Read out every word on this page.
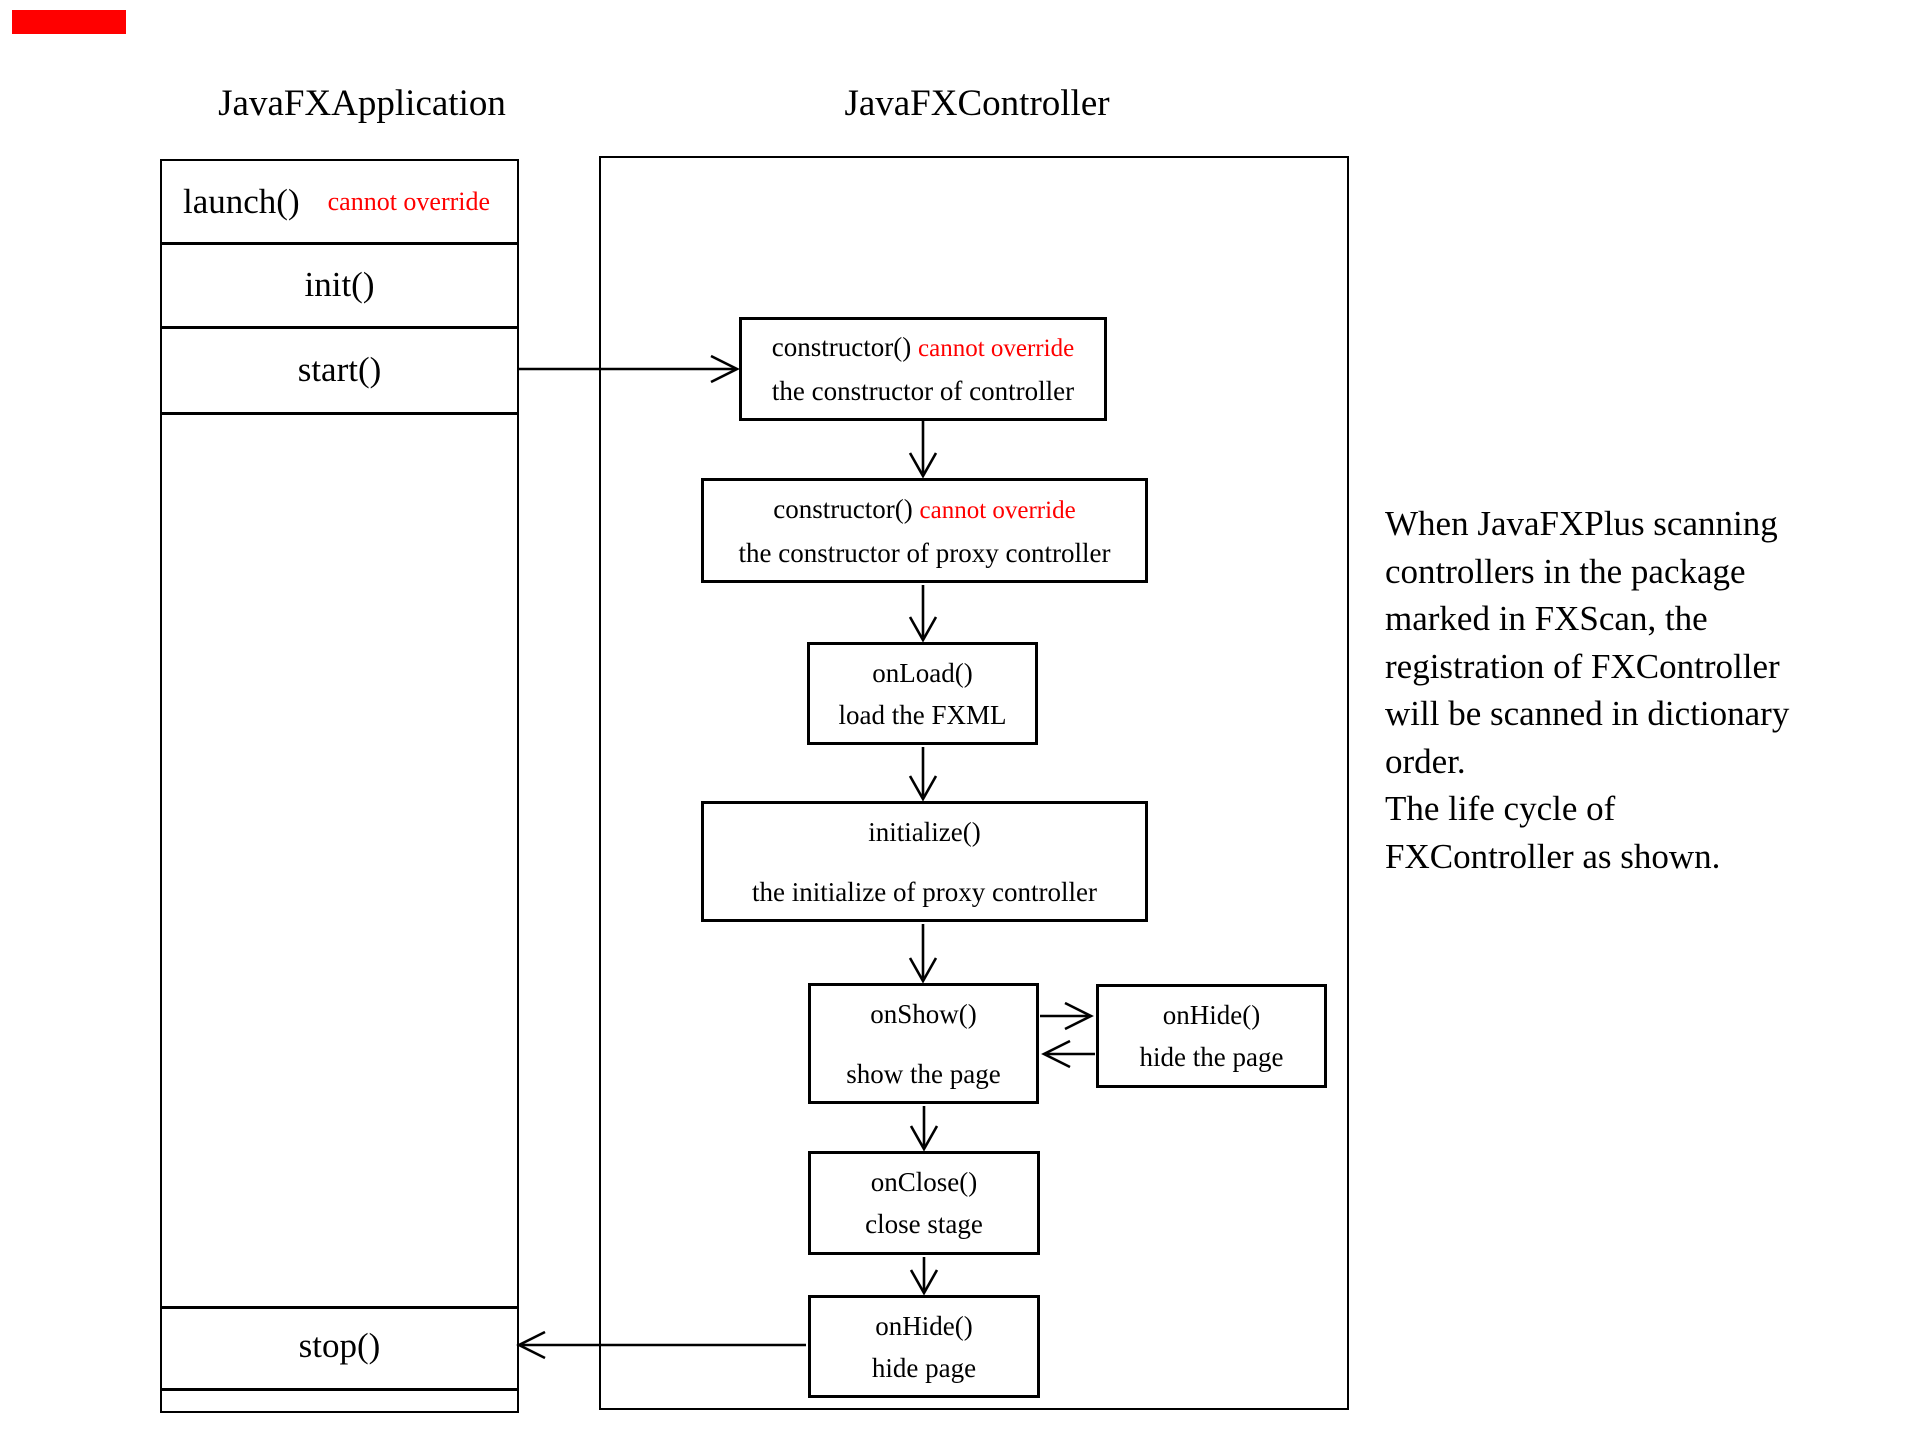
JavaFXApplication	JavaFXController
launch() cannot override
init()
start()
stop()
constructor() cannot override
the constructor of controller
constructor() cannot override
the constructor of proxy controller
onLoad()
load the FXML
initialize()
the initialize of proxy controller
onShow()
show the page
onHide()
hide the page
onClose()
close stage
onHide()
hide page
When JavaFXPlus scanning
controllers in the package
marked in FXScan, the
registration of FXController
will be scanned in dictionary
order.
The life cycle of
FXController as shown.
